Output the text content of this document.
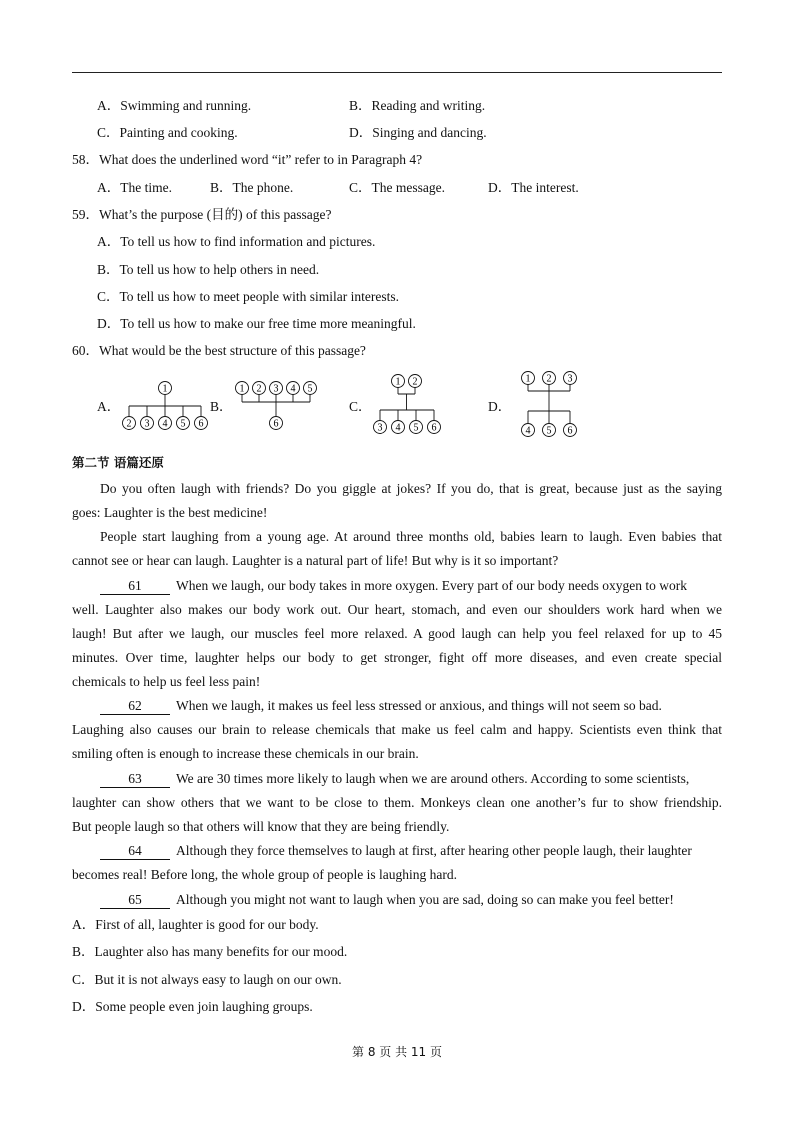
A．Swimming and running.	B．Reading and writing.
C．Painting and cooking.	D．Singing and dancing.
58．What does the underlined word “it” refer to in Paragraph 4?
A．The time.	B．The phone.	C．The message.	D．The interest.
59．What’s the purpose (目的) of this passage?
A．To tell us how to find information and pictures.
B．To tell us how to help others in need.
C．To tell us how to meet people with similar interests.
D．To tell us how to make our free time more meaningful.
60．What would be the best structure of this passage?
A．
1
2 3 4 5 6
B．
1 2 3 4 5
6
C．
1 2
3 4 5 6
D．
1 2 3
4 5 6
第二节 语篇还原
Do you often laugh with friends? Do you giggle at jokes? If you do, that is great, because just as the saying
goes: Laughter is the best medicine!
People start laughing from a young age. At around three months old, babies learn to laugh. Even babies that
cannot see or hear can laugh. Laughter is a natural part of life! But why is it so important?
61	When we laugh, our body takes in more oxygen. Every part of our body needs oxygen to work
well. Laughter also makes our body work out. Our heart, stomach, and even our shoulders work hard when we
laugh! But after we laugh, our muscles feel more relaxed. A good laugh can help you feel relaxed for up to 45
minutes. Over time, laughter helps our body to get stronger, fight off more diseases, and even create special
chemicals to help us feel less pain!
62	When we laugh, it makes us feel less stressed or anxious, and things will not seem so bad.
Laughing also causes our brain to release chemicals that make us feel calm and happy. Scientists even think that
smiling often is enough to increase these chemicals in our brain.
63	We are 30 times more likely to laugh when we are around others. According to some scientists,
laughter can show others that we want to be close to them. Monkeys clean one another’s fur to show friendship.
But people laugh so that others will know that they are being friendly.
64	Although they force themselves to laugh at first, after hearing other people laugh, their laughter
becomes real! Before long, the whole group of people is laughing hard.
65	Although you might not want to laugh when you are sad, doing so can make you feel better!
A．First of all, laughter is good for our body.
B．Laughter also has many benefits for our mood.
C．But it is not always easy to laugh on our own.
D．Some people even join laughing groups.
第 8 页 共 11 页
